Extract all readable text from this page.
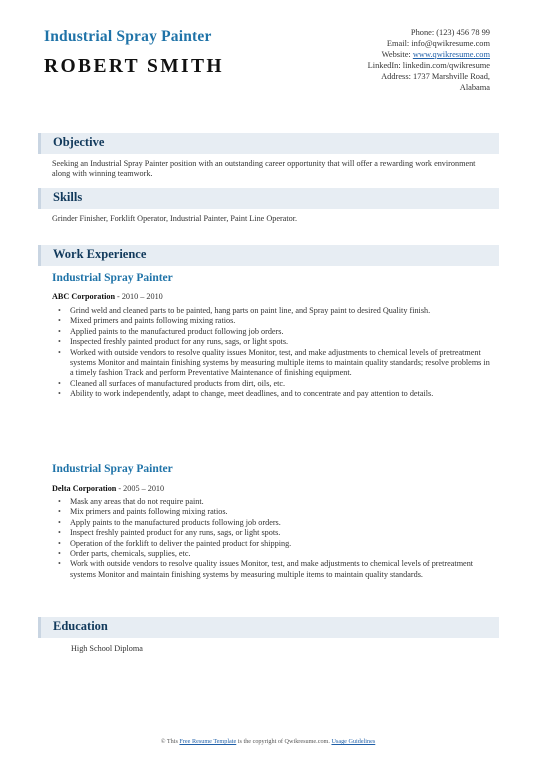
Industrial Spray Painter
ROBERT SMITH
Phone: (123) 456 78 99
Email: info@qwikresume.com
Website: www.qwikresume.com
LinkedIn: linkedin.com/qwikresume
Address: 1737 Marshville Road,
Alabama
Objective
Seeking an Industrial Spray Painter position with an outstanding career opportunity that will offer a rewarding work environment along with winning teamwork.
Skills
Grinder Finisher, Forklift Operator, Industrial Painter, Paint Line Operator.
Work Experience
Industrial Spray Painter
ABC Corporation - 2010 – 2010
• Grind weld and cleaned parts to be painted, hang parts on paint line, and Spray paint to desired Quality finish.
• Mixed primers and paints following mixing ratios.
• Applied paints to the manufactured product following job orders.
• Inspected freshly painted product for any runs, sags, or light spots.
• Worked with outside vendors to resolve quality issues Monitor, test, and make adjustments to chemical levels of pretreatment systems Monitor and maintain finishing systems by measuring multiple items to maintain quality standards; resolve problems in a timely fashion Track and perform Preventative Maintenance of finishing equipment.
• Cleaned all surfaces of manufactured products from dirt, oils, etc.
• Ability to work independently, adapt to change, meet deadlines, and to concentrate and pay attention to details.
Industrial Spray Painter
Delta Corporation - 2005 – 2010
• Mask any areas that do not require paint.
• Mix primers and paints following mixing ratios.
• Apply paints to the manufactured products following job orders.
• Inspect freshly painted product for any runs, sags, or light spots.
• Operation of the forklift to deliver the painted product for shipping.
• Order parts, chemicals, supplies, etc.
• Work with outside vendors to resolve quality issues Monitor, test, and make adjustments to chemical levels of pretreatment systems Monitor and maintain finishing systems by measuring multiple items to maintain quality standards.
Education
High School Diploma
© This Free Resume Template is the copyright of Qwikresume.com. Usage Guidelines
